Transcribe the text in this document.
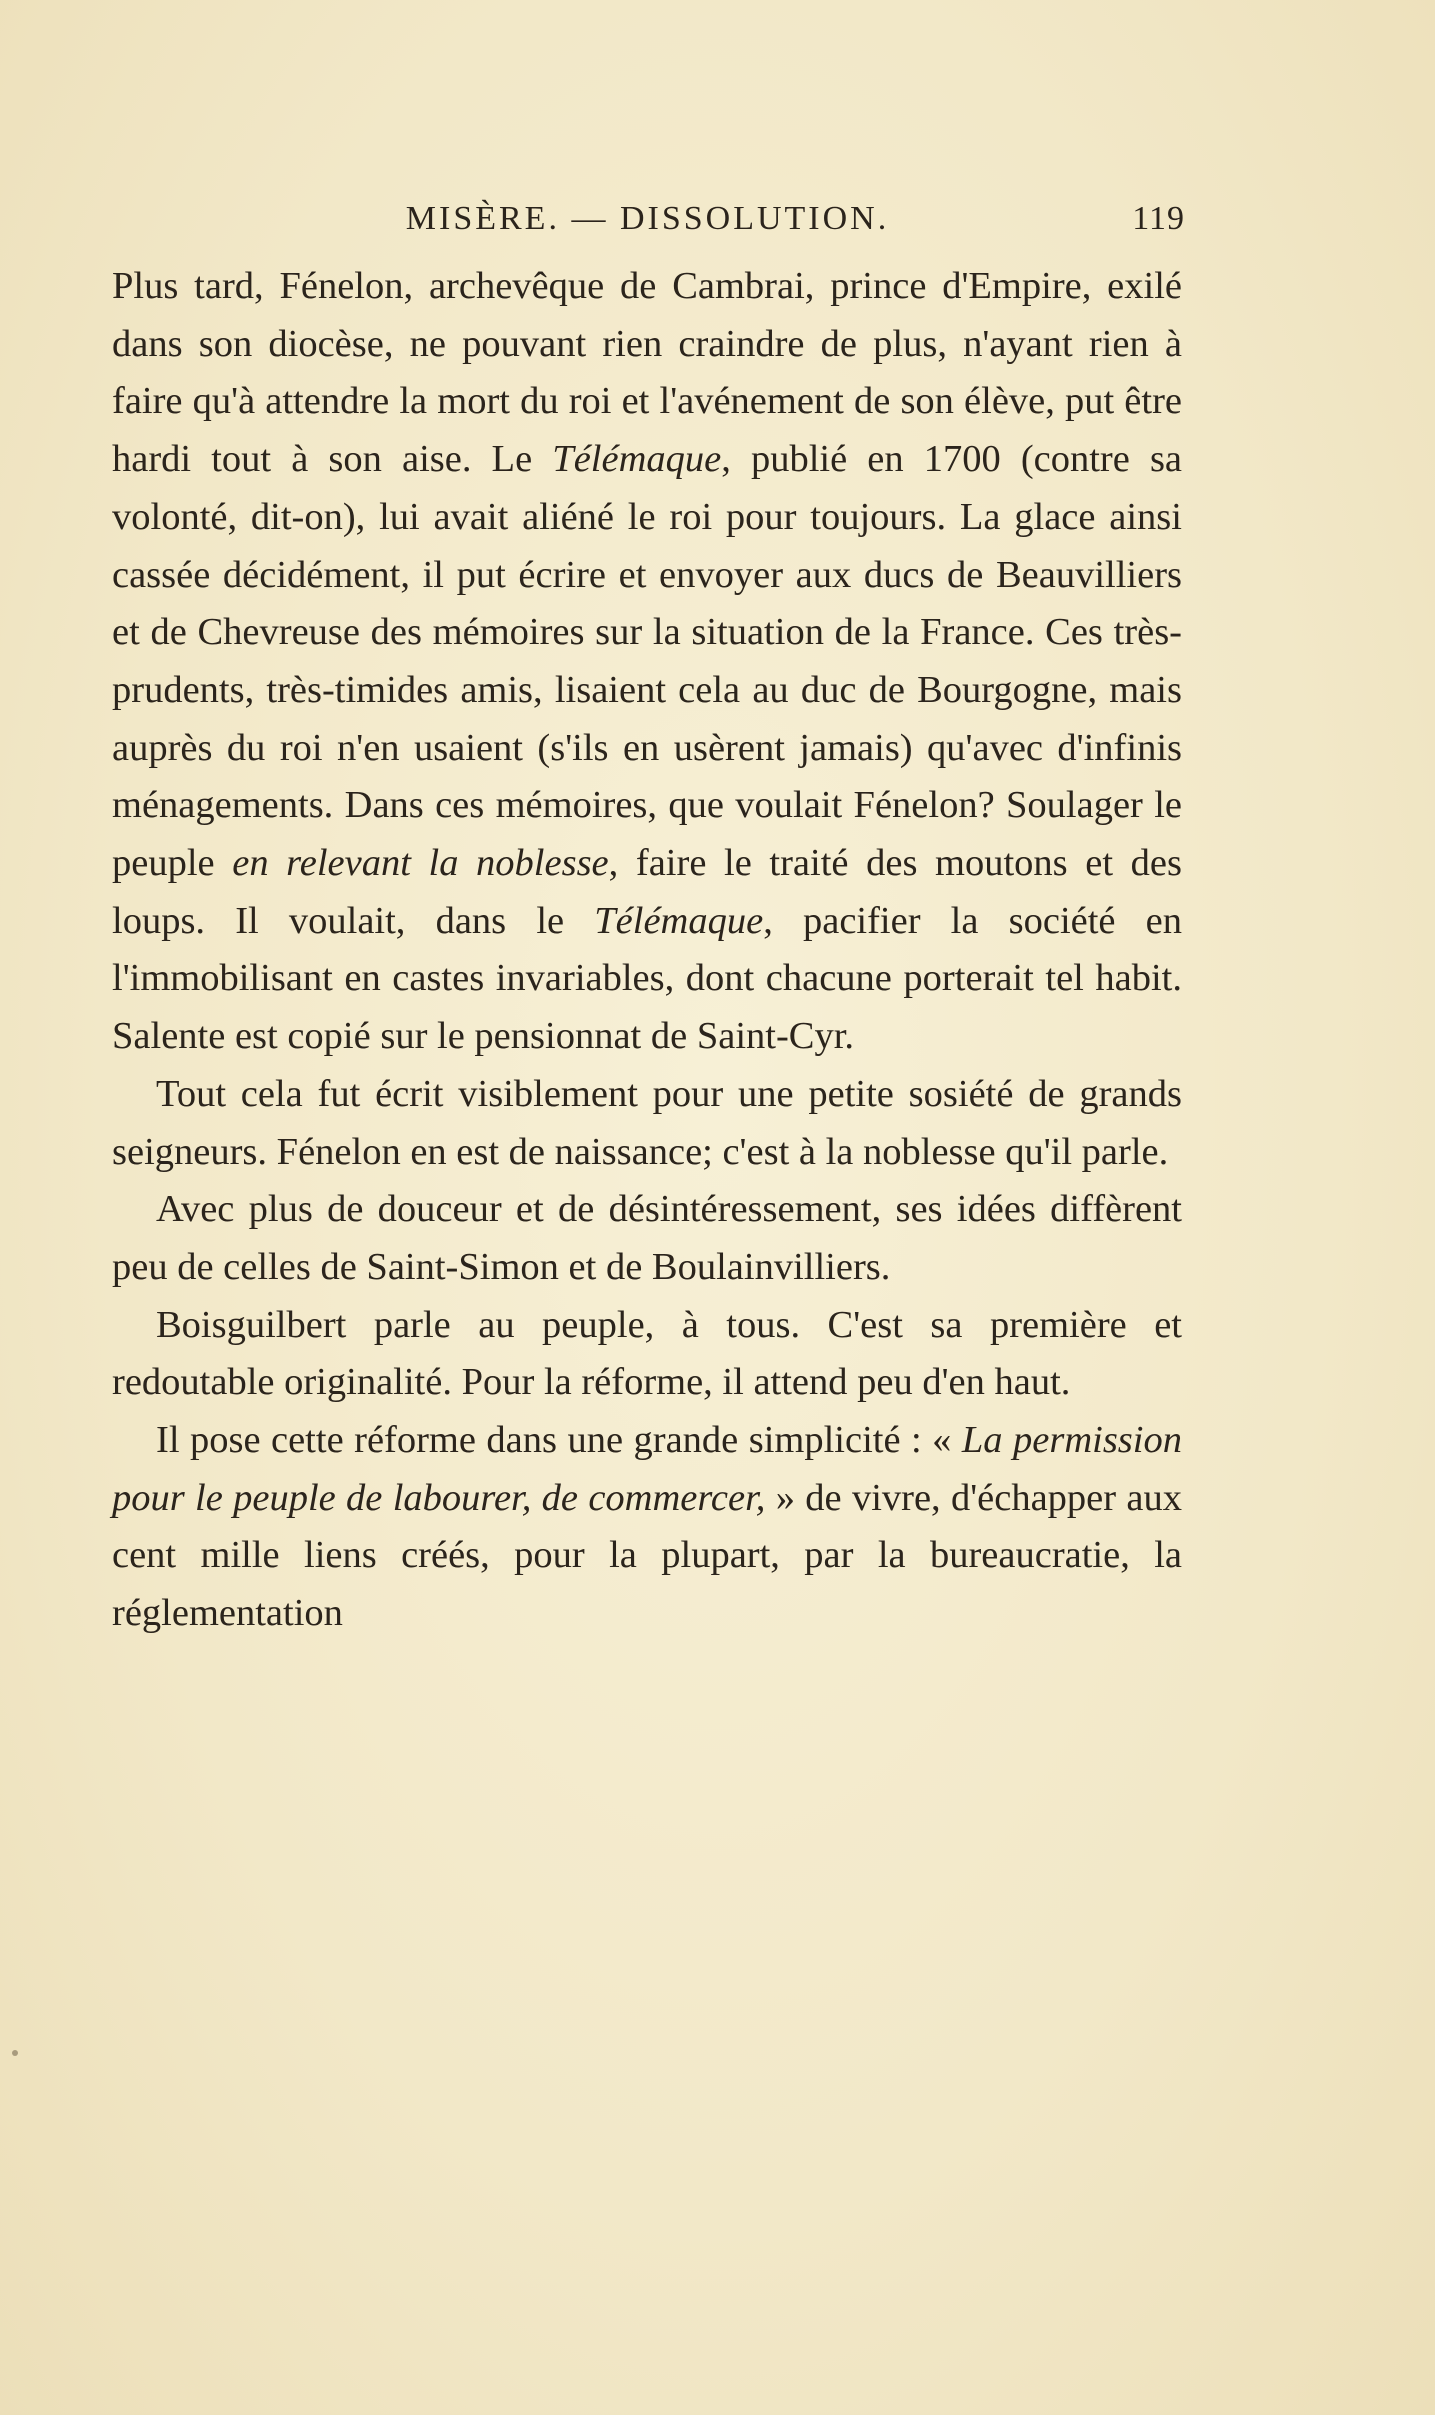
MISÈRE. — DISSOLUTION.	119

Plus tard, Fénelon, archevêque de Cambrai, prince d'Empire, exilé dans son diocèse, ne pouvant rien craindre de plus, n'ayant rien à faire qu'à attendre la mort du roi et l'avénement de son élève, put être hardi tout à son aise. Le Télémaque, publié en 1700 (contre sa volonté, dit-on), lui avait aliéné le roi pour toujours. La glace ainsi cassée décidément, il put écrire et envoyer aux ducs de Beauvilliers et de Chevreuse des mémoires sur la situation de la France. Ces très-prudents, très-timides amis, lisaient cela au duc de Bourgogne, mais auprès du roi n'en usaient (s'ils en usèrent jamais) qu'avec d'infinis ménagements. Dans ces mémoires, que voulait Fénelon? Soulager le peuple en relevant la noblesse, faire le traité des moutons et des loups. Il voulait, dans le Télémaque, pacifier la société en l'immobilisant en castes invariables, dont chacune porterait tel habit. Salente est copié sur le pensionnat de Saint-Cyr.

Tout cela fut écrit visiblement pour une petite sosiété de grands seigneurs. Fénelon en est de naissance; c'est à la noblesse qu'il parle.

Avec plus de douceur et de désintéressement, ses idées diffèrent peu de celles de Saint-Simon et de Boulainvilliers.

Boisguilbert parle au peuple, à tous. C'est sa première et redoutable originalité. Pour la réforme, il attend peu d'en haut.

Il pose cette réforme dans une grande simplicité : « La permission pour le peuple de labourer, de commercer, » de vivre, d'échapper aux cent mille liens créés, pour la plupart, par la bureaucratie, la réglementation
